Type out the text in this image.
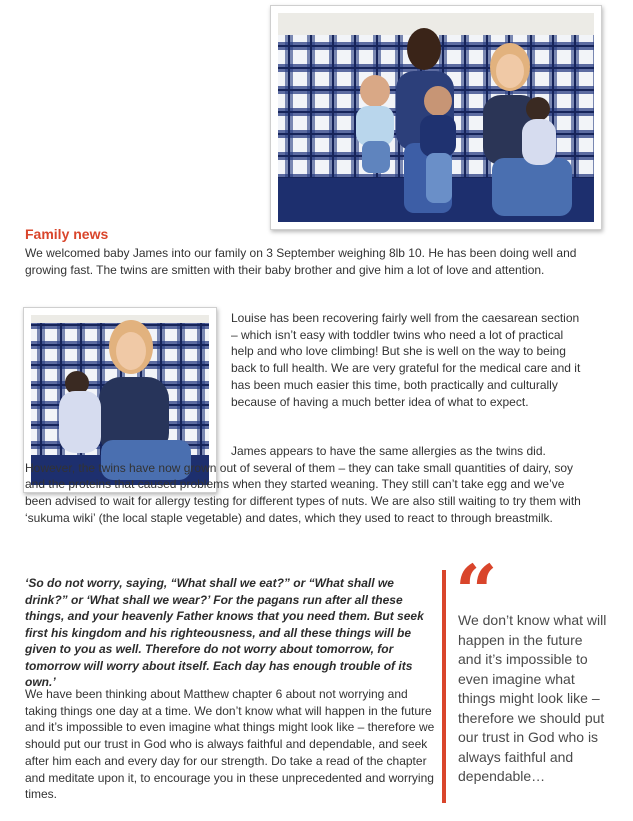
Family news

We welcomed baby James into our family on 3 September weighing 8lb 10. He has been doing well and growing fast. The twins are smitten with their baby brother and give him a lot of love and attention.

Louise has been recovering fairly well from the caesarean section – which isn’t easy with toddler twins who need a lot of practical help and who love climbing! But she is well on the way to being back to full health. We are very grateful for the medical care and it has been much easier this time, both practically and culturally because of having a much better idea of what to expect.

James appears to have the same allergies as the twins did. However, the twins have now grown out of several of them – they can take small quantities of dairy, soy and the proteins that caused problems when they started weaning. They still can’t take egg and we’ve been advised to wait for allergy testing for different types of nuts. We are also still waiting to try them with ‘sukuma wiki’ (the local staple vegetable) and dates, which they used to react to through breastmilk.

‘So do not worry, saying, “What shall we eat?” or “What shall we drink?” or ‘What shall we wear?’ For the pagans run after all these things, and your heavenly Father knows that you need them. But seek first his kingdom and his righteousness, and all these things will be given to you as well. Therefore do not worry about tomorrow, for tomorrow will worry about itself. Each day has enough trouble of its own.’

We have been thinking about Matthew chapter 6 about not worrying and taking things one day at a time. We don’t know what will happen in the future and it’s impossible to even imagine what things might look like – therefore we should put our trust in God who is always faithful and dependable, and seek after him each and every day for our strength. Do take a read of the chapter and meditate upon it, to encourage you in these unprecedented and worrying times.

“

We don’t know what will happen in the future and it’s impossible to even imagine what things might look like – therefore we should put our trust in God who is always faithful and dependable…
